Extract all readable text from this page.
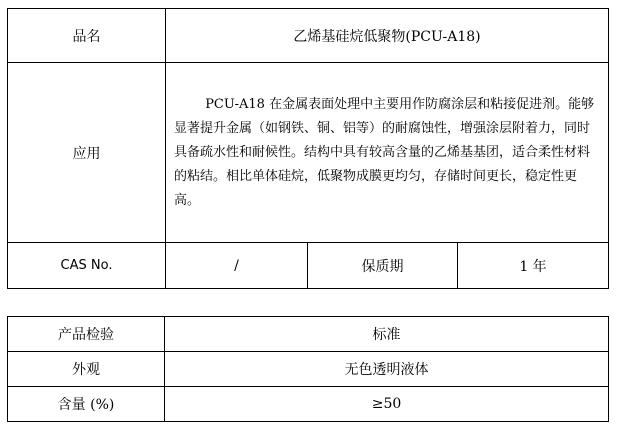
品名	乙烯基硅烷低聚物(PCU-A18)		
应用	PCU-A18 在金属表面处理中主要用作防腐涂层和粘接促进剂。能够显著提升金属（如钢铁、铜、铝等）的耐腐蚀性，增强涂层附着力，同时具备疏水性和耐候性。结构中具有较高含量的乙烯基基团，适合柔性材料的粘结。相比单体硅烷，低聚物成膜更均匀，存储时间更长，稳定性更高。		

CAS No.	/	保质期	1 年
产品检验	标准
外观	无色透明液体
含量 (%)	≥50
